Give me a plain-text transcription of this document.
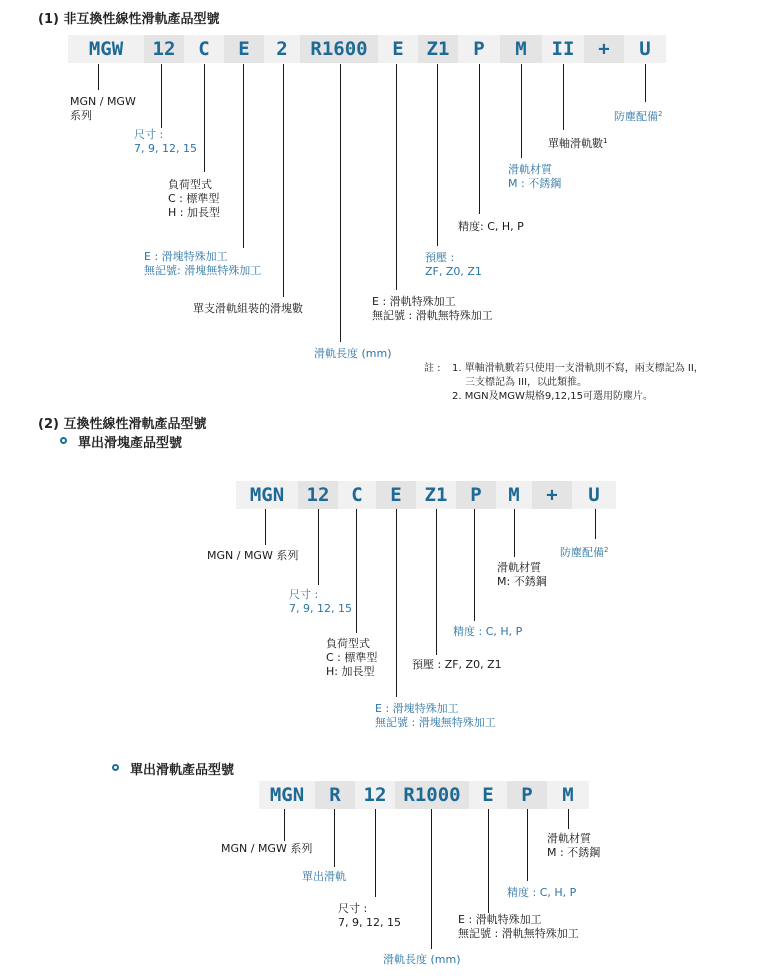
(1) 非互換性線性滑軌產品型號
MGW	12	C	E	2	R1600	E	Z1	P	M	II	+	U
MGN / MGW
系列
尺寸 :
7, 9, 12, 15
負荷型式
C : 標準型
H : 加長型
E : 滑塊特殊加工
無記號: 滑塊無特殊加工
單支滑軌組裝的滑塊數
滑軌長度 (mm)
E : 滑軌特殊加工
無記號 : 滑軌無特殊加工
預壓 :
ZF, Z0, Z1
精度: C, H, P
滑軌材質
M : 不銹鋼
單軸滑軌數$^1$
防塵配備$^2$
註 : 1. 單軸滑軌數若只使用一支滑軌則不寫，兩支標記為 II，
三支標記為 III，以此類推。
2. MGN及MGW規格9,12,15可選用防塵片。
(2) 互換性線性滑軌產品型號
單出滑塊產品型號
MGN	12	C	E	Z1	P	M	+	U
MGN / MGW 系列
尺寸 :
7, 9, 12, 15
負荷型式
C : 標準型
H: 加長型
E : 滑塊特殊加工
無記號 : 滑塊無特殊加工
預壓 : ZF, Z0, Z1
精度 : C, H, P
滑軌材質
M: 不銹鋼
防塵配備$^2$
單出滑軌產品型號
MGN	R	12 R1000	E	P	M
MGN / MGW 系列
單出滑軌
尺寸 :
7, 9, 12, 15
滑軌長度 (mm)
E : 滑軌特殊加工
無記號 : 滑軌無特殊加工
精度 : C, H, P
滑軌材質
M : 不銹鋼
